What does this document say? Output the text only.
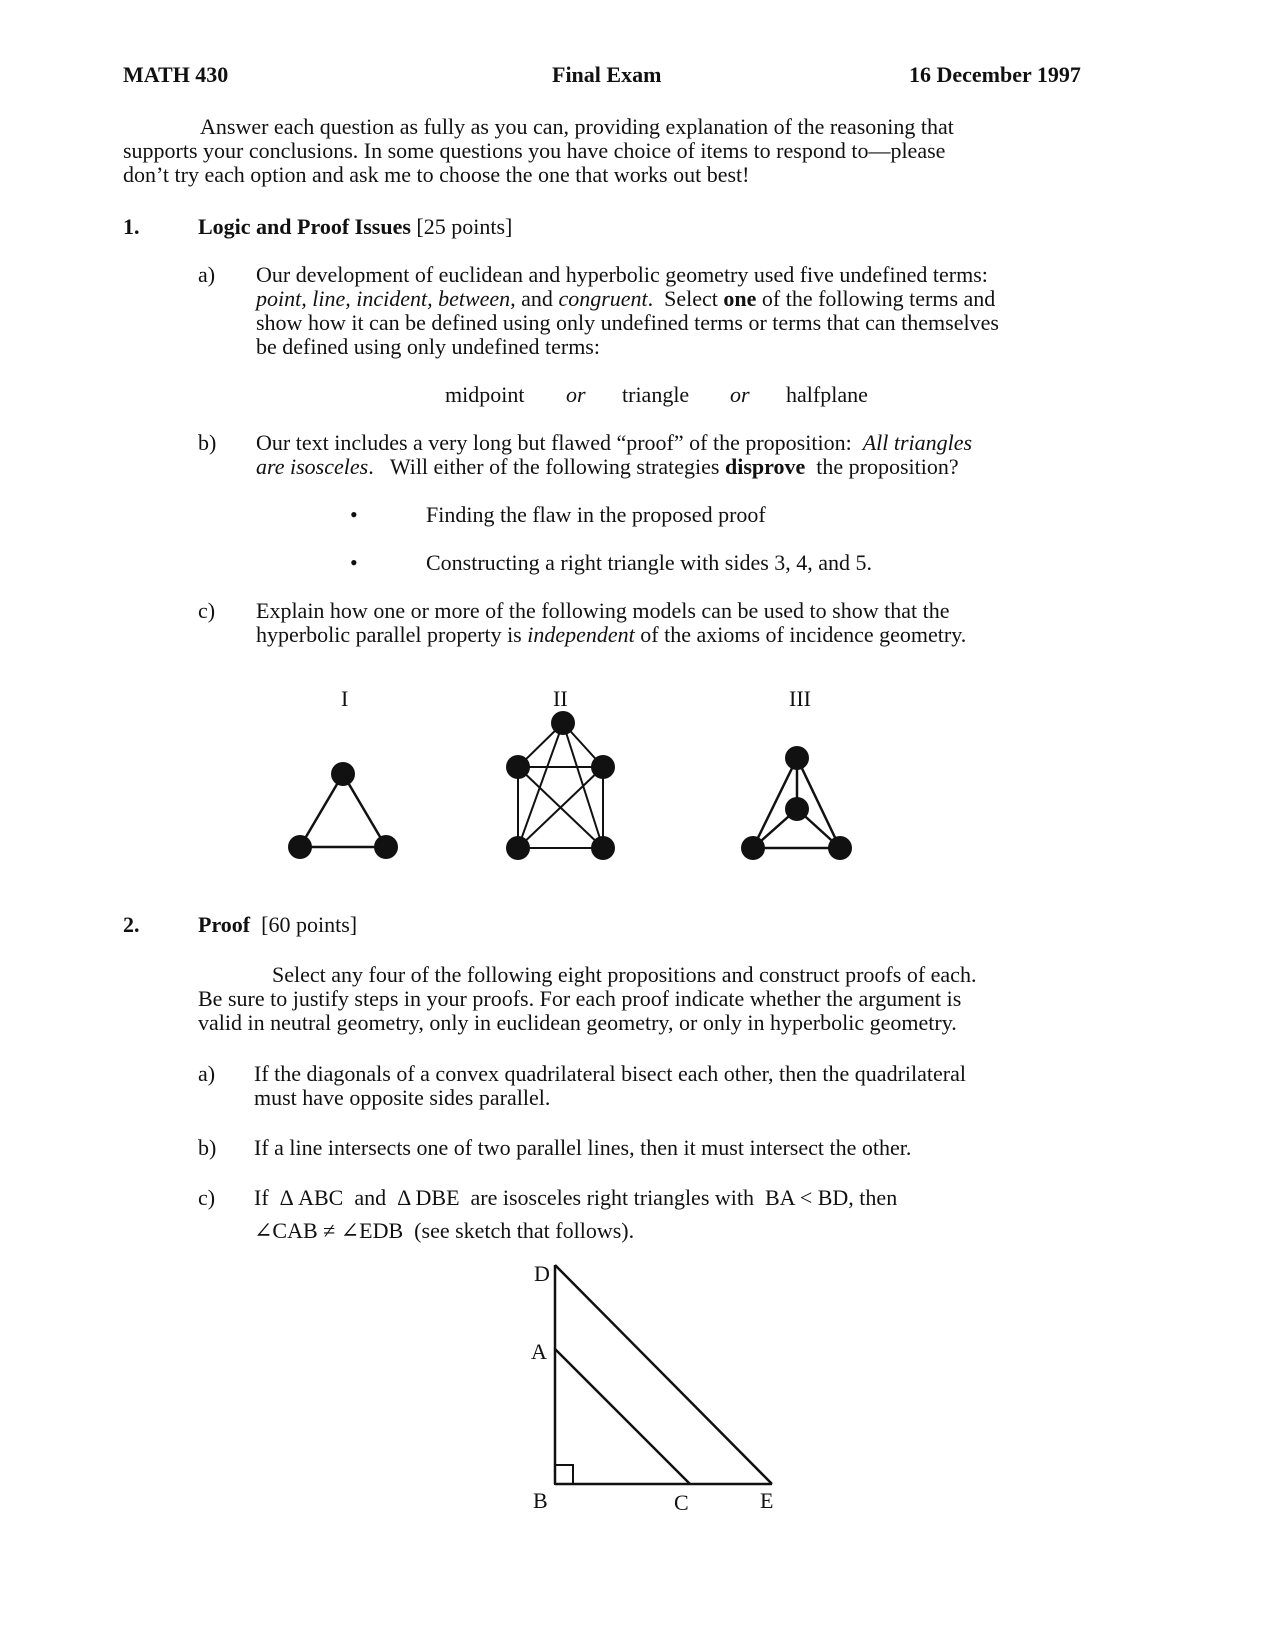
MATH 430	Final Exam	16 December 1997
Answer each question as fully as you can, providing explanation of the reasoning that
supports your conclusions. In some questions you have choice of items to respond to—please
don’t try each option and ask me to choose the one that works out best!
1.	Logic and Proof Issues [25 points]
a) Our development of euclidean and hyperbolic geometry used five undefined terms:
point, line, incident, between, and congruent.  Select one of the following terms and
show how it can be defined using only undefined terms or terms that can themselves
be defined using only undefined terms:
midpoint or triangle or halfplane
b) Our text includes a very long but flawed “proof” of the proposition:  All triangles
are isosceles.   Will either of the following strategies disprove  the proposition?
•	Finding the flaw in the proposed proof
•	Constructing a right triangle with sides 3, 4, and 5.
c) Explain how one or more of the following models can be used to show that the
hyperbolic parallel property is independent of the axioms of incidence geometry.
I	II	III
2.	Proof [60 points]
Select any four of the following eight propositions and construct proofs of each.
Be sure to justify steps in your proofs. For each proof indicate whether the argument is
valid in neutral geometry, only in euclidean geometry, or only in hyperbolic geometry.
a) If the diagonals of a convex quadrilateral bisect each other, then the quadrilateral
must have opposite sides parallel.
b) If a line intersects one of two parallel lines, then it must intersect the other.
c) If  Δ ABC  and  Δ DBE  are isosceles right triangles with  BA < BD, then
∠CAB ≠ ∠EDB  (see sketch that follows).
D
A
B	C	E
